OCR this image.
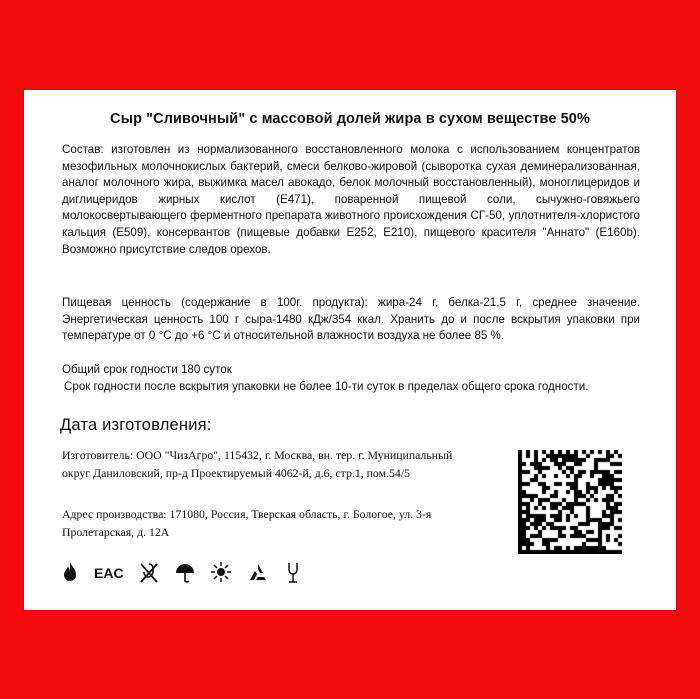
Сыр "Сливочный" с массовой долей жира в сухом веществе 50%
Состав: изготовлен из нормализованного восстановленного молока с использованием концентратов мезофильных молочнокислых бактерий, смеси белково-жировой (сыворотка сухая деминерализованная, аналог молочного жира, выжимка масел авокадо, белок молочный восстановленный), моноглицеридов и диглицеридов жирных кислот (Е471), поваренной пищевой соли, сычужно-говяжьего молокосвертывающего ферментного препарата животного происхождения СГ-50, уплотнителя-хлористого кальция (Е509), консервантов (пищевые добавки Е252, Е210), пищевого красителя "Аннато" (Е160b). Возможно присутствие следов орехов.
Пищевая ценность (содержание в 100г. продукта): жира-24 г, белка-21,5 г, среднее значение. Энергетическая ценность 100 г сыра-1480 кДж/354 ккал. Хранить до и после вскрытия упаковки при температуре от 0 °С до +6 °С и относительной влажности воздуха не более 85 %.
Общий срок годности 180 суток
Срок годности после вскрытия упаковки не более 10-ти суток в пределах общего срока годности.
Дата изготовления:
Изготовитель: ООО "ЧизАгро", 115432, г. Москва, вн. тер. г. Муниципальный округ Даниловский, пр-д Проектируемый 4062-й, д.6, стр.1, пом.54/5
Адрес производства: 171080, Россия, Тверская область, г. Бологое, ул. 3-я Пролетарская, д. 12А
EAC
